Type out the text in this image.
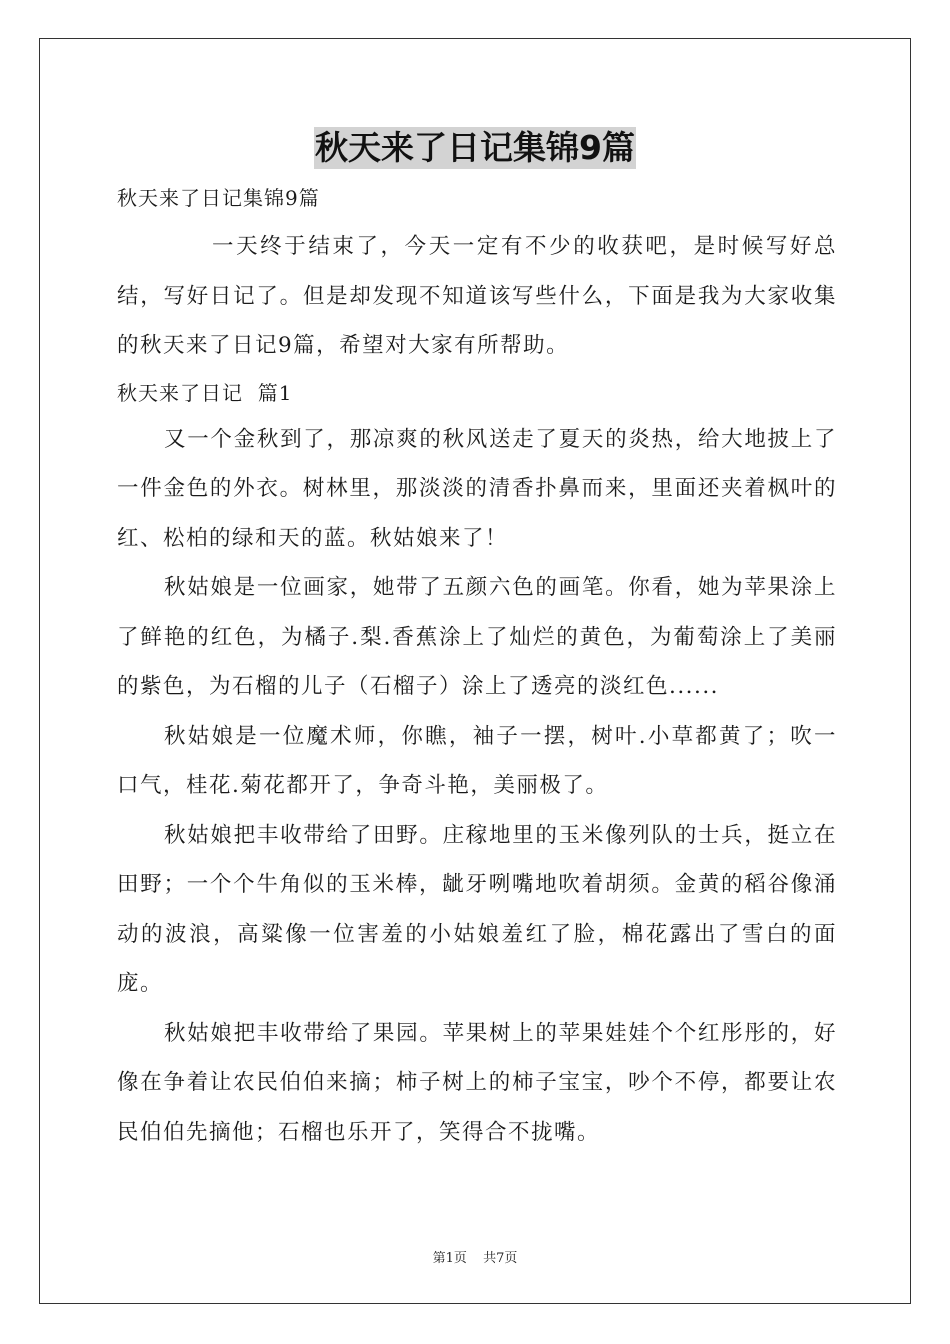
秋天来了日记集锦9篇

秋天来了日记集锦9篇

一天终于结束了，今天一定有不少的收获吧，是时候写好总结，写好日记了。但是却发现不知道该写些什么，下面是我为大家收集的秋天来了日记9篇，希望对大家有所帮助。

秋天来了日记  篇1

又一个金秋到了，那凉爽的秋风送走了夏天的炎热，给大地披上了一件金色的外衣。树林里，那淡淡的清香扑鼻而来，里面还夹着枫叶的红、松柏的绿和天的蓝。秋姑娘来了！

秋姑娘是一位画家，她带了五颜六色的画笔。你看，她为苹果涂上了鲜艳的红色，为橘子.梨.香蕉涂上了灿烂的黄色，为葡萄涂上了美丽的紫色，为石榴的儿子（石榴子）涂上了透亮的淡红色......

秋姑娘是一位魔术师，你瞧，袖子一摆，树叶.小草都黄了；吹一口气，桂花.菊花都开了，争奇斗艳，美丽极了。

秋姑娘把丰收带给了田野。庄稼地里的玉米像列队的士兵，挺立在田野；一个个牛角似的玉米棒，龇牙咧嘴地吹着胡须。金黄的稻谷像涌动的波浪，高粱像一位害羞的小姑娘羞红了脸，棉花露出了雪白的面庞。

秋姑娘把丰收带给了果园。苹果树上的苹果娃娃个个红彤彤的，好像在争着让农民伯伯来摘；柿子树上的柿子宝宝，吵个不停，都要让农民伯伯先摘他；石榴也乐开了，笑得合不拢嘴。

第1页 共7页
